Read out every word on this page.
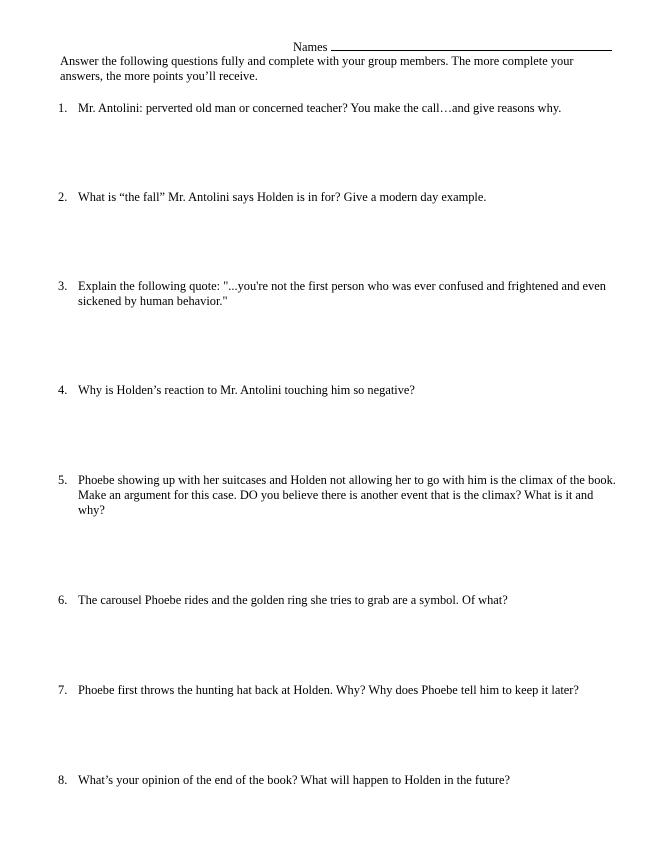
Names
Answer the following questions fully and complete with your group members. The more complete your answers, the more points you’ll receive.
1. Mr. Antolini: perverted old man or concerned teacher? You make the call…and give reasons why.
2. What is “the fall” Mr. Antolini says Holden is in for? Give a modern day example.
3. Explain the following quote: "...you're not the first person who was ever confused and frightened and even sickened by human behavior."
4. Why is Holden’s reaction to Mr. Antolini touching him so negative?
5. Phoebe showing up with her suitcases and Holden not allowing her to go with him is the climax of the book. Make an argument for this case. DO you believe there is another event that is the climax? What is it and why?
6. The carousel Phoebe rides and the golden ring she tries to grab are a symbol. Of what?
7. Phoebe first throws the hunting hat back at Holden. Why? Why does Phoebe tell him to keep it later?
8. What’s your opinion of the end of the book? What will happen to Holden in the future?
